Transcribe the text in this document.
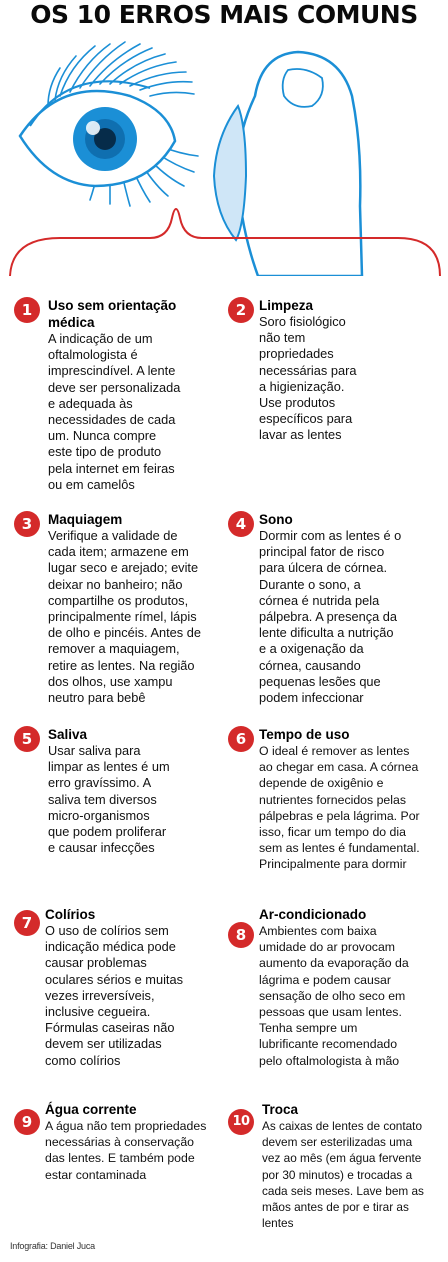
OS 10 ERROS MAIS COMUNS
1	Uso sem orientação
médica
A indicação de um
oftalmologista é
imprescindível. A lente
deve ser personalizada
e adequada às
necessidades de cada
um. Nunca compre
este tipo de produto
pela internet em feiras
ou em camelôs
2 Limpeza
Soro fisiológico
não tem
propriedades
necessárias para
a higienização.
Use produtos
específicos para
lavar as lentes
3	Maquiagem
Verifique a validade de
cada item; armazene em
lugar seco e arejado; evite
deixar no banheiro; não
compartilhe os produtos,
principalmente rímel, lápis
de olho e pincéis. Antes de
remover a maquiagem,
retire as lentes. Na região
dos olhos, use xampu
neutro para bebê
4 Sono
Dormir com as lentes é o
principal fator de risco
para úlcera de córnea.
Durante o sono, a
córnea é nutrida pela
pálpebra. A presença da
lente dificulta a nutrição
e a oxigenação da
córnea, causando
pequenas lesões que
podem infeccionar
5	Saliva
Usar saliva para
limpar as lentes é um
erro gravíssimo. A
saliva tem diversos
micro-organismos
que podem proliferar
e causar infecções
6 Tempo de uso
O ideal é remover as lentes
ao chegar em casa. A córnea
depende de oxigênio e
nutrientes fornecidos pelas
pálpebras e pela lágrima. Por
isso, ficar um tempo do dia
sem as lentes é fundamental.
Principalmente para dormir
7 Colírios
O uso de colírios sem
indicação médica pode
causar problemas
oculares sérios e muitas
vezes irreversíveis,
inclusive cegueira.
Fórmulas caseiras não
devem ser utilizadas
como colírios
8
Ar-condicionado
Ambientes com baixa
umidade do ar provocam
aumento da evaporação da
lágrima e podem causar
sensação de olho seco em
pessoas que usam lentes.
Tenha sempre um
lubrificante recomendado
pelo oftalmologista à mão
9
Água corrente
A água não tem propriedades
necessárias à conservação
das lentes. E também pode
estar contaminada
10
Troca
As caixas de lentes de contato
devem ser esterilizadas uma
vez ao mês (em água fervente
por 30 minutos) e trocadas a
cada seis meses. Lave bem as
mãos antes de por e tirar as
lentes
Infografia: Daniel Juca
